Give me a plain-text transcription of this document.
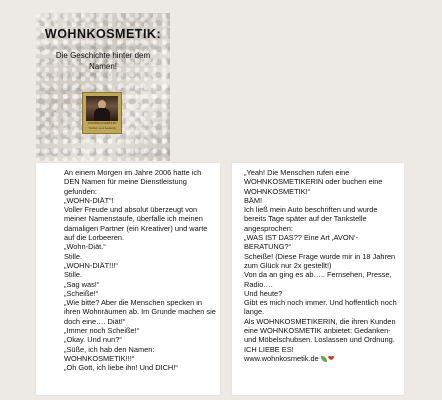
WOHNKOSMETIK:
Die Geschichte hinter dem Namen!
WOHNKOSMETIK
Vorher war Gestern
An einem Morgen im Jahre 2006 hatte ich DEN Namen für meine Dienstleistung gefunden:
„WOHN-DIÄT“!
Voller Freude und absolut überzeugt von meiner Namenstaufe, überfalle ich meinen damaligen Partner (ein Kreativer) und warte auf die Lorbeeren.
„Wohn-Diät.“
Stille.
„WOHN-DIÄT!!!“
Stille.
„Sag was!“
„Scheiße!“
„Wie bitte? Aber die Menschen specken in ihren Wohnräumen ab. Im Grunde machen sie doch eine…. Diät!“
„Immer noch Scheiße!“
„Okay. Und nun?“
„Süße, ich hab den Namen: WOHNKOSMETIK!!!“
„Oh Gott, ich liebe ihn! Und DICH!“
„Yeah! Die Menschen rufen eine WOHNKOSMETIKERIN oder buchen eine WOHNKOSMETIK!“
BÄM!
Ich ließ mein Auto beschriften und wurde bereits Tage später auf der Tankstelle angesprochen:
„WAS IST DAS?? Eine Art ‚AVON‘-BERATUNG?“
Scheiße! (Diese Frage wurde mir in 18 Jahren zum Glück nur 2x gestellt!)
Von da an ging es ab….. Fernsehen, Presse, Radio….
Und heute?
Gibt es mich noch immer. Und hoffentlich noch lange.
Als WOHNKOSMETIKERIN, die ihren Kunden eine WOHNKOSMETIK anbietet: Gedanken- und Möbelschubsen. Loslassen und Ordnung. ICH LIEBE ES!
www.wohnkosmetik.de ❤
